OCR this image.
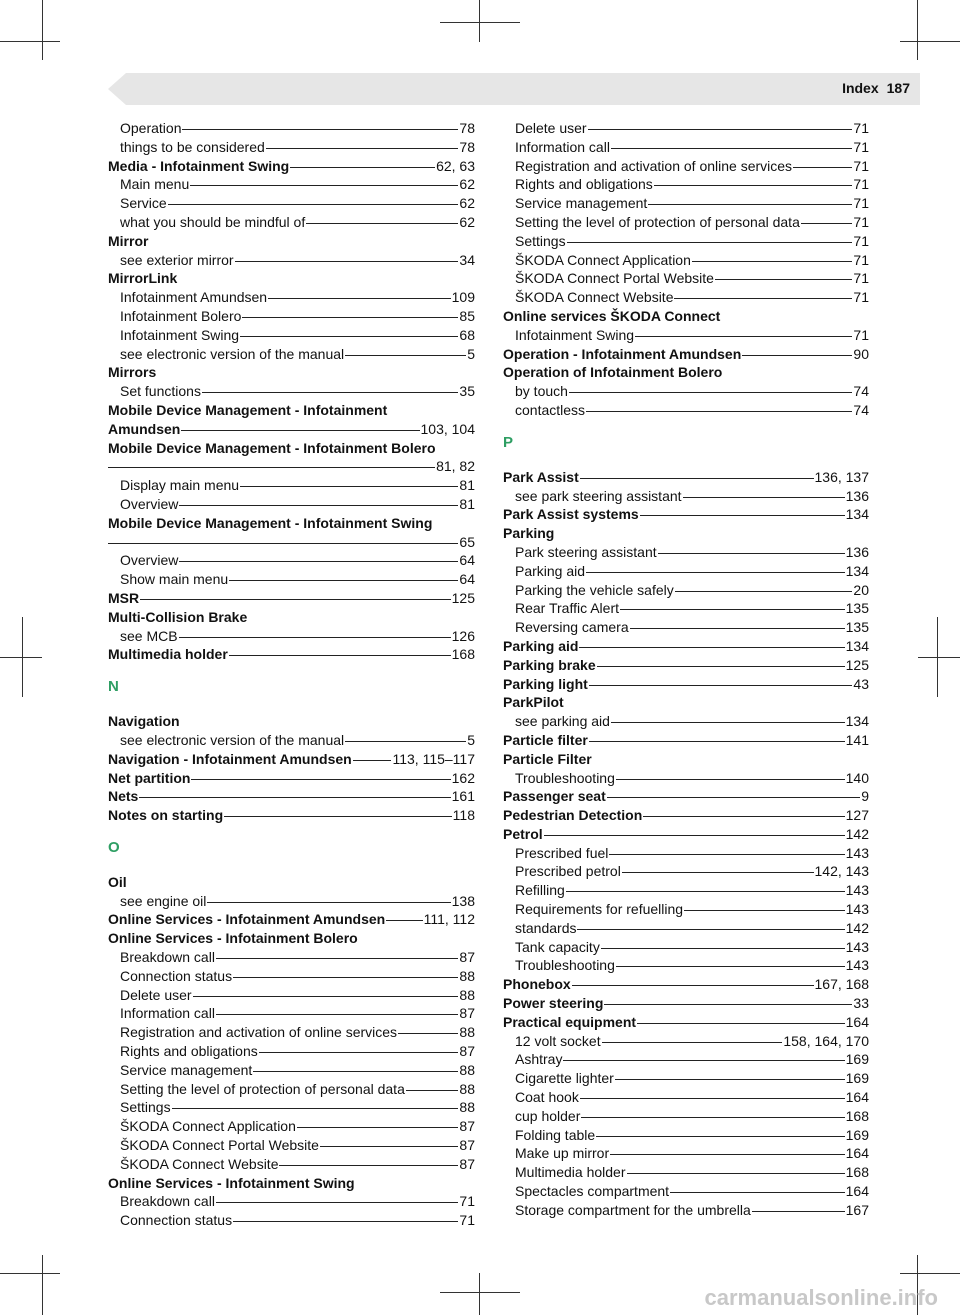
Index 187
Operation	78
things to be considered	78
Media - Infotainment Swing	62, 63
Main menu	62
Service	62
what you should be mindful of	62
Mirror
see exterior mirror	34
MirrorLink
Infotainment Amundsen	109
Infotainment Bolero	85
Infotainment Swing	68
see electronic version of the manual	5
Mirrors
Set functions	35
Mobile Device Management - Infotainment
Amundsen	103, 104
Mobile Device Management - Infotainment Bolero
81, 82
Display main menu	81
Overview	81
Mobile Device Management - Infotainment Swing
65
Overview	64
Show main menu	64
MSR	125
Multi-Collision Brake
see MCB	126
Multimedia holder	168
N
Navigation
see electronic version of the manual	5
Navigation - Infotainment Amundsen	113, 115–117
Net partition	162
Nets	161
Notes on starting	118
O
Oil
see engine oil	138
Online Services - Infotainment Amundsen	111, 112
Online Services - Infotainment Bolero
Breakdown call	87
Connection status	88
Delete user	88
Information call	87
Registration and activation of online services	88
Rights and obligations	87
Service management	88
Setting the level of protection of personal data	88
Settings	88
ŠKODA Connect Application	87
ŠKODA Connect Portal Website	87
ŠKODA Connect Website	87
Online Services - Infotainment Swing
Breakdown call	71
Connection status	71
Delete user	71
Information call	71
Registration and activation of online services	71
Rights and obligations	71
Service management	71
Setting the level of protection of personal data	71
Settings	71
ŠKODA Connect Application	71
ŠKODA Connect Portal Website	71
ŠKODA Connect Website	71
Online services ŠKODA Connect
Infotainment Swing	71
Operation - Infotainment Amundsen	90
Operation of Infotainment Bolero
by touch	74
contactless	74
P
Park Assist	136, 137
see park steering assistant	136
Park Assist systems	134
Parking
Park steering assistant	136
Parking aid	134
Parking the vehicle safely	20
Rear Traffic Alert	135
Reversing camera	135
Parking aid	134
Parking brake	125
Parking light	43
ParkPilot
see parking aid	134
Particle filter	141
Particle Filter
Troubleshooting	140
Passenger seat	9
Pedestrian Detection	127
Petrol	142
Prescribed fuel	143
Prescribed petrol	142, 143
Refilling	143
Requirements for refuelling	143
standards	142
Tank capacity	143
Troubleshooting	143
Phonebox	167, 168
Power steering	33
Practical equipment	164
12 volt socket	158, 164, 170
Ashtray	169
Cigarette lighter	169
Coat hook	164
cup holder	168
Folding table	169
Make up mirror	164
Multimedia holder	168
Spectacles compartment	164
Storage compartment for the umbrella	167
carmanualsonline.info
